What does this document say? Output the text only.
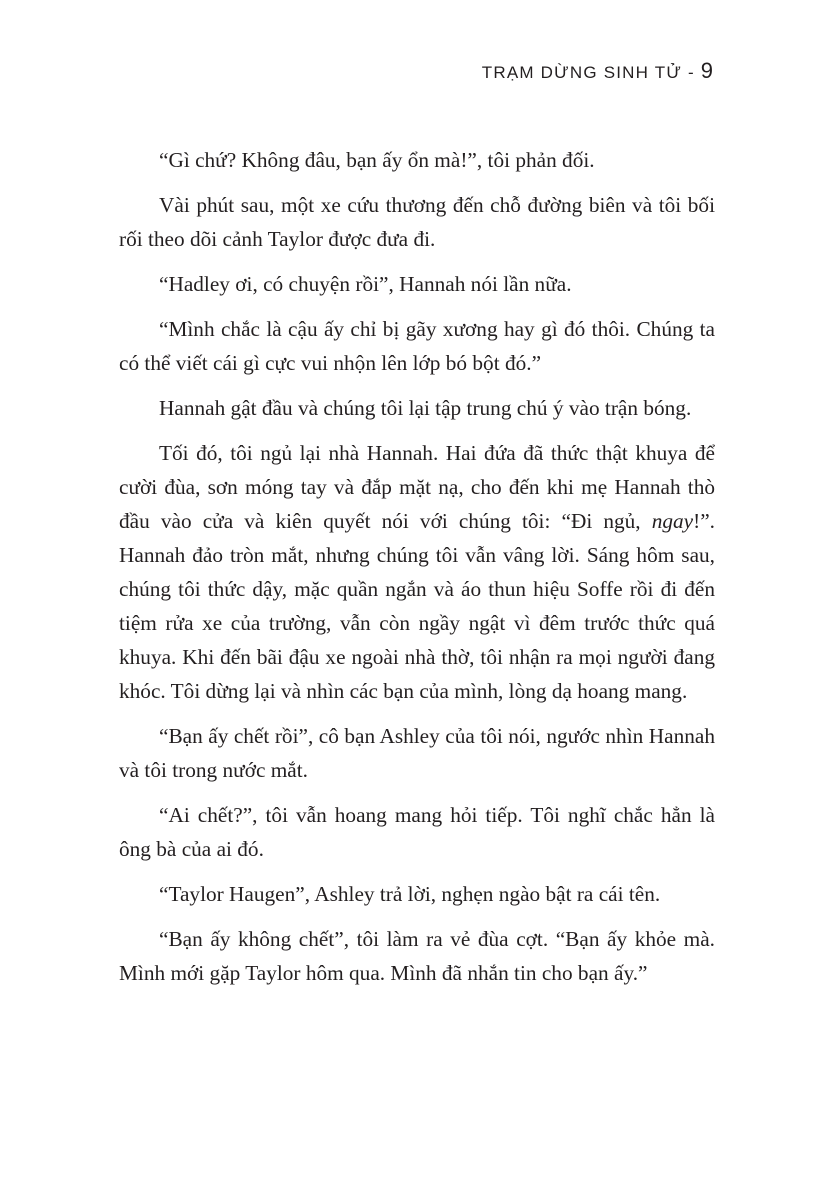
TRẠM DỪNG SINH TỬ - 9

“Gì chứ? Không đâu, bạn ấy ổn mà!”, tôi phản đối.

Vài phút sau, một xe cứu thương đến chỗ đường biên và tôi bối rối theo dõi cảnh Taylor được đưa đi.

“Hadley ơi, có chuyện rồi”, Hannah nói lần nữa.

“Mình chắc là cậu ấy chỉ bị gãy xương hay gì đó thôi. Chúng ta có thể viết cái gì cực vui nhộn lên lớp bó bột đó.”

Hannah gật đầu và chúng tôi lại tập trung chú ý vào trận bóng.

Tối đó, tôi ngủ lại nhà Hannah. Hai đứa đã thức thật khuya để cười đùa, sơn móng tay và đắp mặt nạ, cho đến khi mẹ Hannah thò đầu vào cửa và kiên quyết nói với chúng tôi: “Đi ngủ, ngay!”. Hannah đảo tròn mắt, nhưng chúng tôi vẫn vâng lời. Sáng hôm sau, chúng tôi thức dậy, mặc quần ngắn và áo thun hiệu Soffe rồi đi đến tiệm rửa xe của trường, vẫn còn ngầy ngật vì đêm trước thức quá khuya. Khi đến bãi đậu xe ngoài nhà thờ, tôi nhận ra mọi người đang khóc. Tôi dừng lại và nhìn các bạn của mình, lòng dạ hoang mang.

“Bạn ấy chết rồi”, cô bạn Ashley của tôi nói, ngước nhìn Hannah và tôi trong nước mắt.

“Ai chết?”, tôi vẫn hoang mang hỏi tiếp. Tôi nghĩ chắc hẳn là ông bà của ai đó.

“Taylor Haugen”, Ashley trả lời, nghẹn ngào bật ra cái tên.

“Bạn ấy không chết”, tôi làm ra vẻ đùa cợt. “Bạn ấy khỏe mà. Mình mới gặp Taylor hôm qua. Mình đã nhắn tin cho bạn ấy.”
